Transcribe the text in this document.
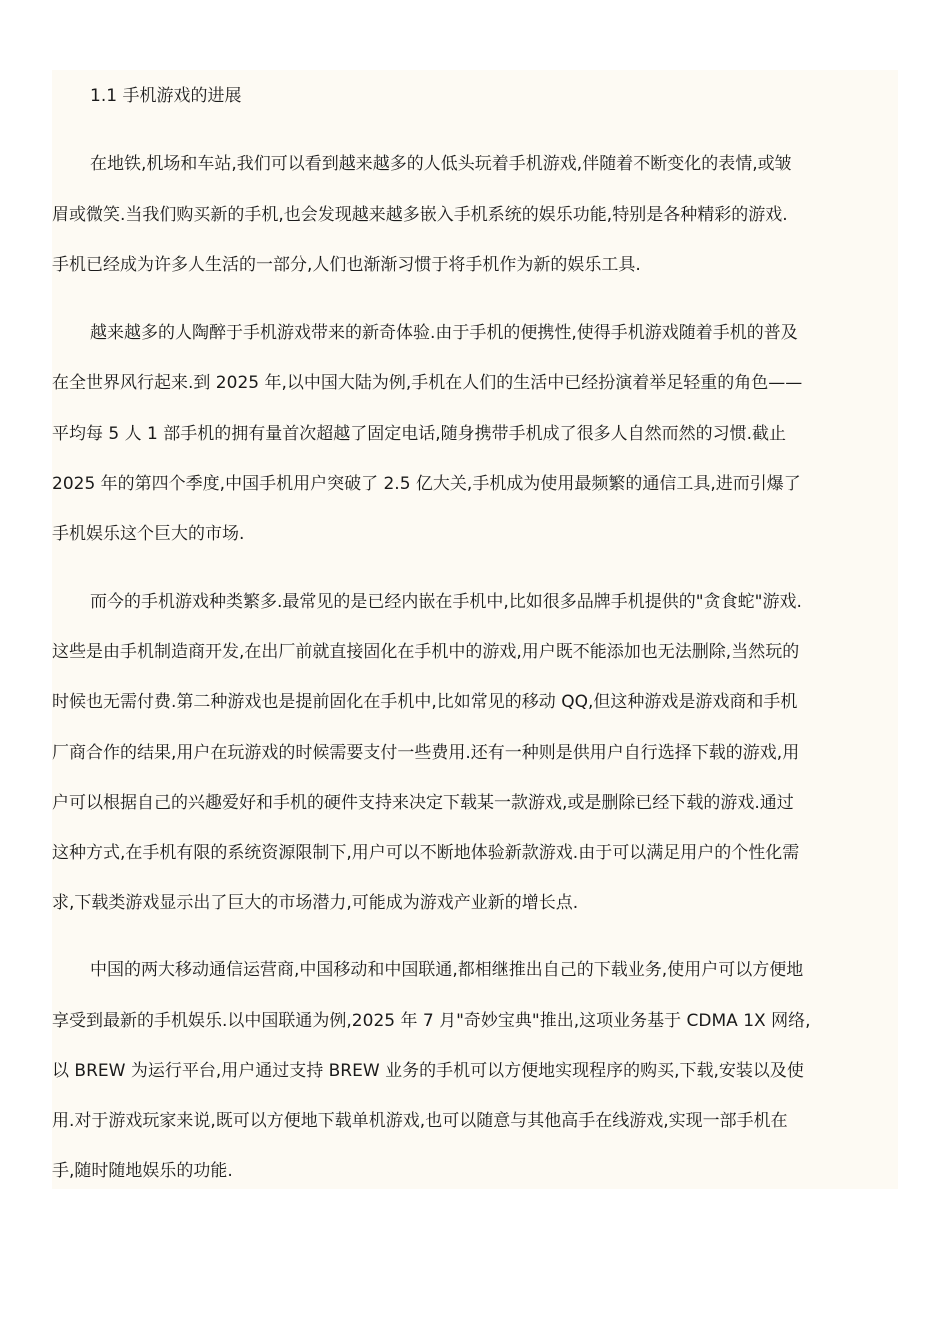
1.1 手机游戏的进展
在地铁,机场和车站,我们可以看到越来越多的人低头玩着手机游戏,伴随着不断变化的表情,或皱
眉或微笑.当我们购买新的手机,也会发现越来越多嵌入手机系统的娱乐功能,特别是各种精彩的游戏.
手机已经成为许多人生活的一部分,人们也渐渐习惯于将手机作为新的娱乐工具.
越来越多的人陶醉于手机游戏带来的新奇体验.由于手机的便携性,使得手机游戏随着手机的普及
在全世界风行起来.到 2025 年,以中国大陆为例,手机在人们的生活中已经扮演着举足轻重的角色——
平均每 5 人 1 部手机的拥有量首次超越了固定电话,随身携带手机成了很多人自然而然的习惯.截止
2025 年的第四个季度,中国手机用户突破了 2.5 亿大关,手机成为使用最频繁的通信工具,进而引爆了
手机娱乐这个巨大的市场.
而今的手机游戏种类繁多.最常见的是已经内嵌在手机中,比如很多品牌手机提供的"贪食蛇"游戏.
这些是由手机制造商开发,在出厂前就直接固化在手机中的游戏,用户既不能添加也无法删除,当然玩的
时候也无需付费.第二种游戏也是提前固化在手机中,比如常见的移动 QQ,但这种游戏是游戏商和手机
厂商合作的结果,用户在玩游戏的时候需要支付一些费用.还有一种则是供用户自行选择下载的游戏,用
户可以根据自己的兴趣爱好和手机的硬件支持来决定下载某一款游戏,或是删除已经下载的游戏.通过
这种方式,在手机有限的系统资源限制下,用户可以不断地体验新款游戏.由于可以满足用户的个性化需
求,下载类游戏显示出了巨大的市场潜力,可能成为游戏产业新的增长点.
中国的两大移动通信运营商,中国移动和中国联通,都相继推出自己的下载业务,使用户可以方便地
享受到最新的手机娱乐.以中国联通为例,2025 年 7 月"奇妙宝典"推出,这项业务基于 CDMA 1X 网络,
以 BREW 为运行平台,用户通过支持 BREW 业务的手机可以方便地实现程序的购买,下载,安装以及使
用.对于游戏玩家来说,既可以方便地下载单机游戏,也可以随意与其他高手在线游戏,实现一部手机在
手,随时随地娱乐的功能.
